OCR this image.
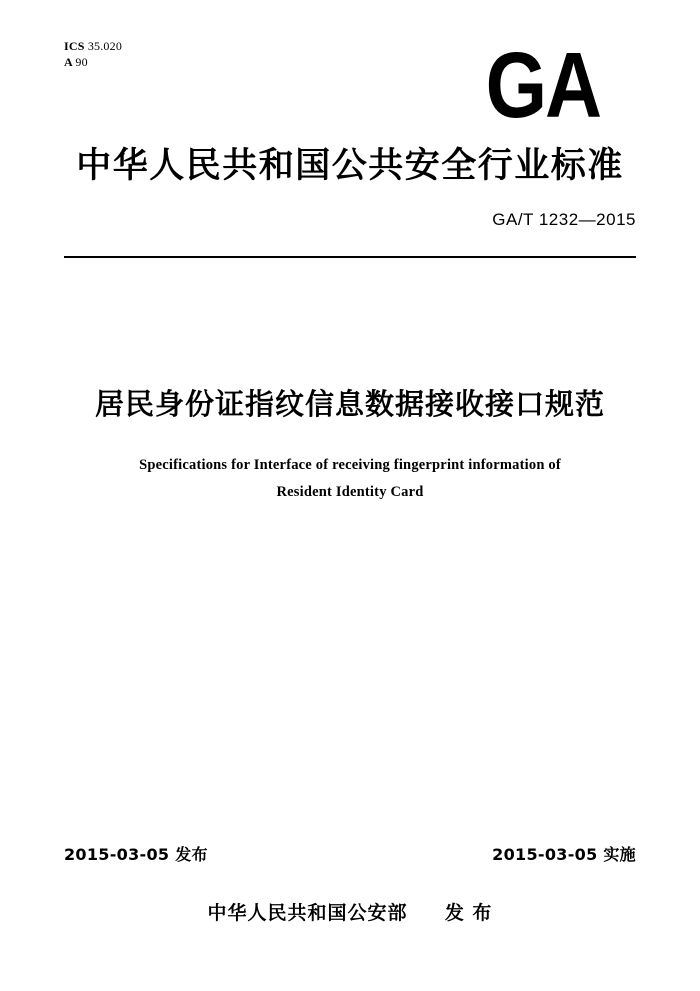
ICS 35.020
A 90	GA
中华人民共和国公共安全行业标准
GA/T 1232—2015
居民身份证指纹信息数据接收接口规范
Specifications for Interface of receiving fingerprint information of
Resident Identity Card
2015-03-05 发布	2015-03-05 实施
中华人民共和国公安部 发 布
